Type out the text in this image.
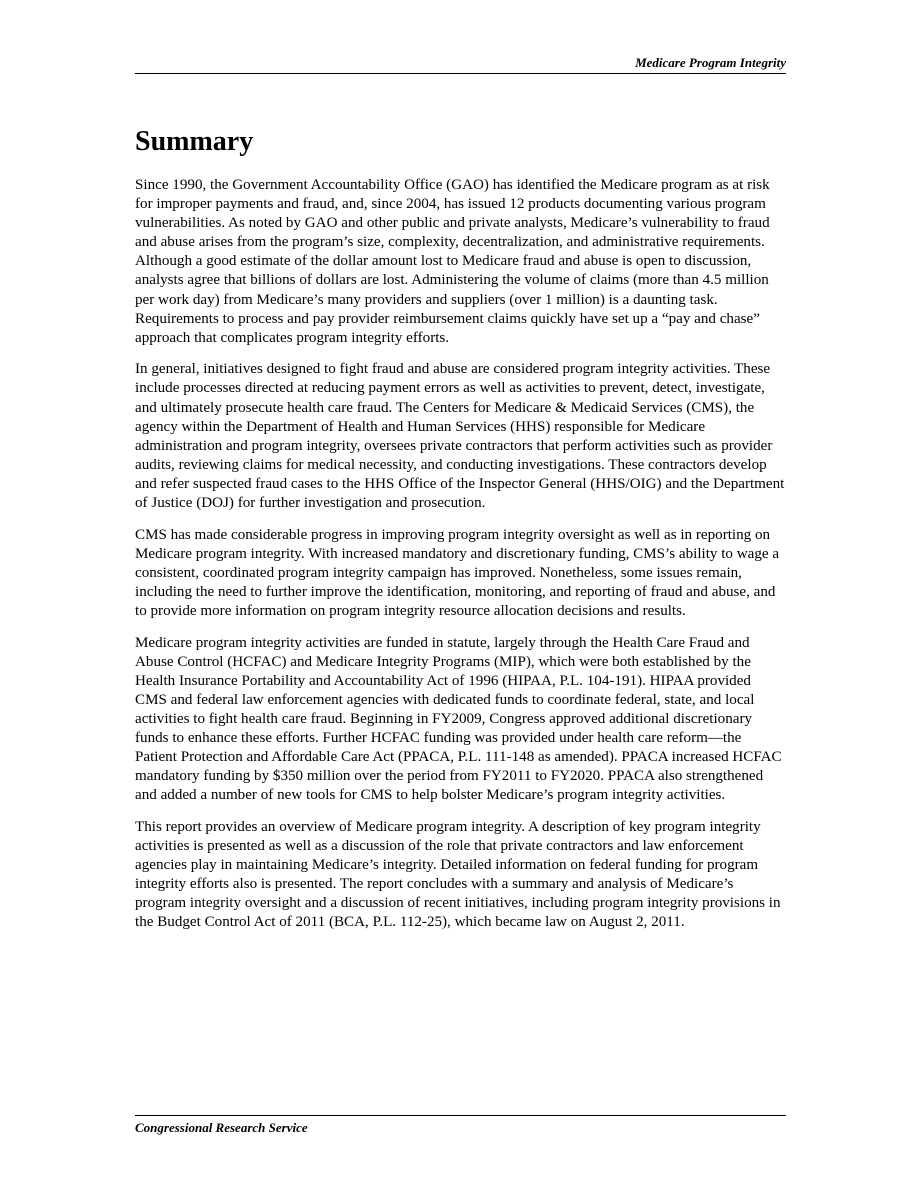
Medicare Program Integrity
Summary

Since 1990, the Government Accountability Office (GAO) has identified the Medicare program as at risk for improper payments and fraud, and, since 2004, has issued 12 products documenting various program vulnerabilities. As noted by GAO and other public and private analysts, Medicare’s vulnerability to fraud and abuse arises from the program’s size, complexity, decentralization, and administrative requirements. Although a good estimate of the dollar amount lost to Medicare fraud and abuse is open to discussion, analysts agree that billions of dollars are lost. Administering the volume of claims (more than 4.5 million per work day) from Medicare’s many providers and suppliers (over 1 million) is a daunting task. Requirements to process and pay provider reimbursement claims quickly have set up a “pay and chase” approach that complicates program integrity efforts.

In general, initiatives designed to fight fraud and abuse are considered program integrity activities. These include processes directed at reducing payment errors as well as activities to prevent, detect, investigate, and ultimately prosecute health care fraud. The Centers for Medicare & Medicaid Services (CMS), the agency within the Department of Health and Human Services (HHS) responsible for Medicare administration and program integrity, oversees private contractors that perform activities such as provider audits, reviewing claims for medical necessity, and conducting investigations. These contractors develop and refer suspected fraud cases to the HHS Office of the Inspector General (HHS/OIG) and the Department of Justice (DOJ) for further investigation and prosecution.

CMS has made considerable progress in improving program integrity oversight as well as in reporting on Medicare program integrity. With increased mandatory and discretionary funding, CMS’s ability to wage a consistent, coordinated program integrity campaign has improved. Nonetheless, some issues remain, including the need to further improve the identification, monitoring, and reporting of fraud and abuse, and to provide more information on program integrity resource allocation decisions and results.

Medicare program integrity activities are funded in statute, largely through the Health Care Fraud and Abuse Control (HCFAC) and Medicare Integrity Programs (MIP), which were both established by the Health Insurance Portability and Accountability Act of 1996 (HIPAA, P.L. 104-191). HIPAA provided CMS and federal law enforcement agencies with dedicated funds to coordinate federal, state, and local activities to fight health care fraud. Beginning in FY2009, Congress approved additional discretionary funds to enhance these efforts. Further HCFAC funding was provided under health care reform—the Patient Protection and Affordable Care Act (PPACA, P.L. 111-148 as amended). PPACA increased HCFAC mandatory funding by $350 million over the period from FY2011 to FY2020. PPACA also strengthened and added a number of new tools for CMS to help bolster Medicare’s program integrity activities.

This report provides an overview of Medicare program integrity. A description of key program integrity activities is presented as well as a discussion of the role that private contractors and law enforcement agencies play in maintaining Medicare’s integrity. Detailed information on federal funding for program integrity efforts also is presented. The report concludes with a summary and analysis of Medicare’s program integrity oversight and a discussion of recent initiatives, including program integrity provisions in the Budget Control Act of 2011 (BCA, P.L. 112-25), which became law on August 2, 2011.

Congressional Research Service
